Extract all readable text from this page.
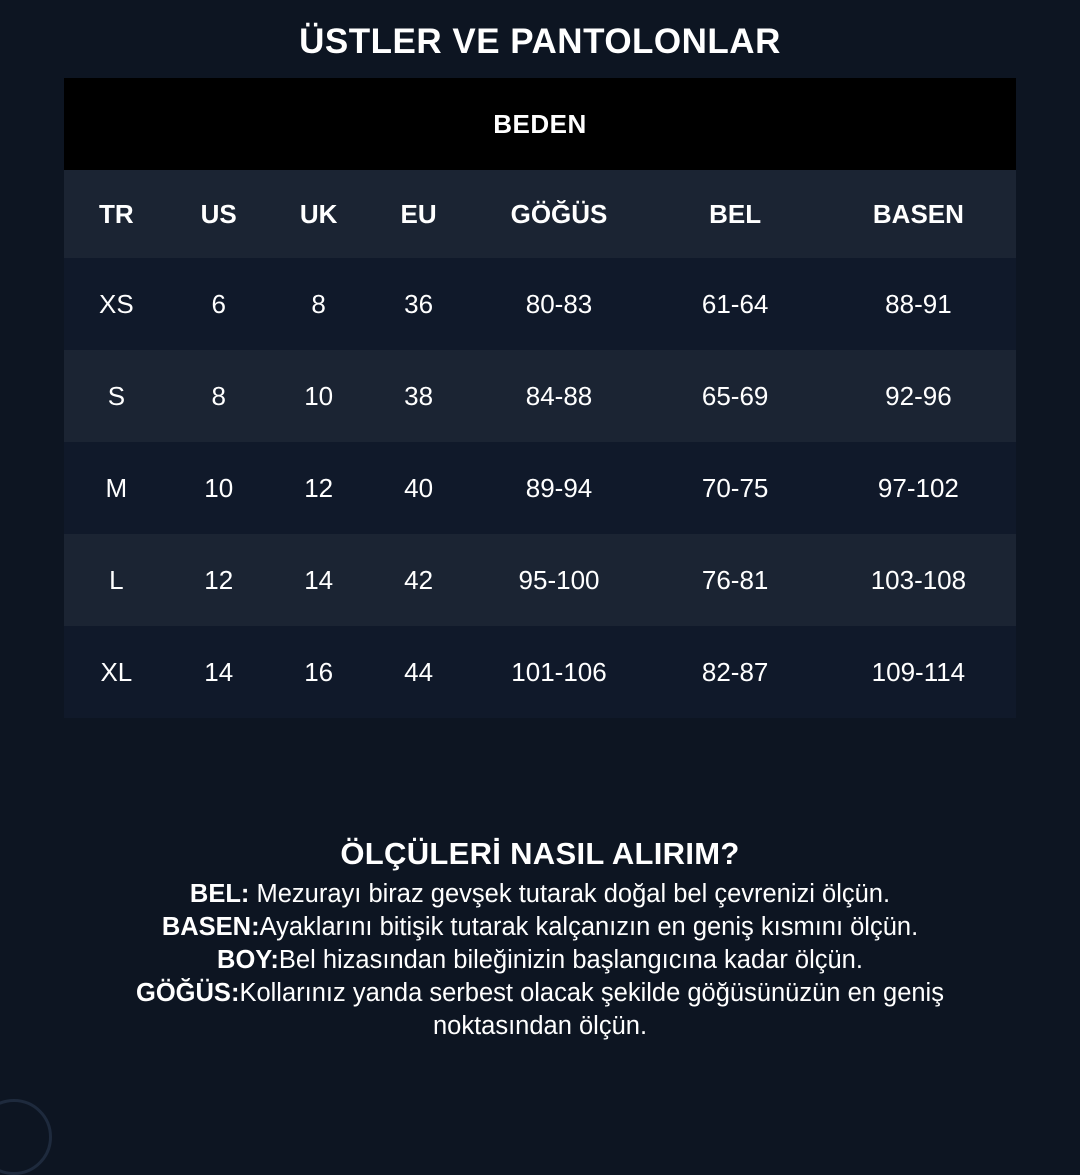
ÜSTLER VE PANTOLONLAR
BEDEN						
TR	US	UK	EU	GÖĞÜS	BEL	BASEN
XS	6	8	36	80-83	61-64	88-91
S	8	10	38	84-88	65-69	92-96
M	10	12	40	89-94	70-75	97-102
L	12	14	42	95-100	76-81	103-108
XL	14	16	44	101-106	82-87	109-114
ÖLÇÜLERİ NASIL ALIRIM?

BEL: Mezurayı biraz gevşek tutarak doğal bel çevrenizi ölçün.

BASEN:Ayaklarını bitişik tutarak kalçanızın en geniş kısmını ölçün.

BOY:Bel hizasından bileğinizin başlangıcına kadar ölçün.

GÖĞÜS:Kollarınız yanda serbest olacak şekilde göğüsünüzün en geniş noktasından ölçün.
